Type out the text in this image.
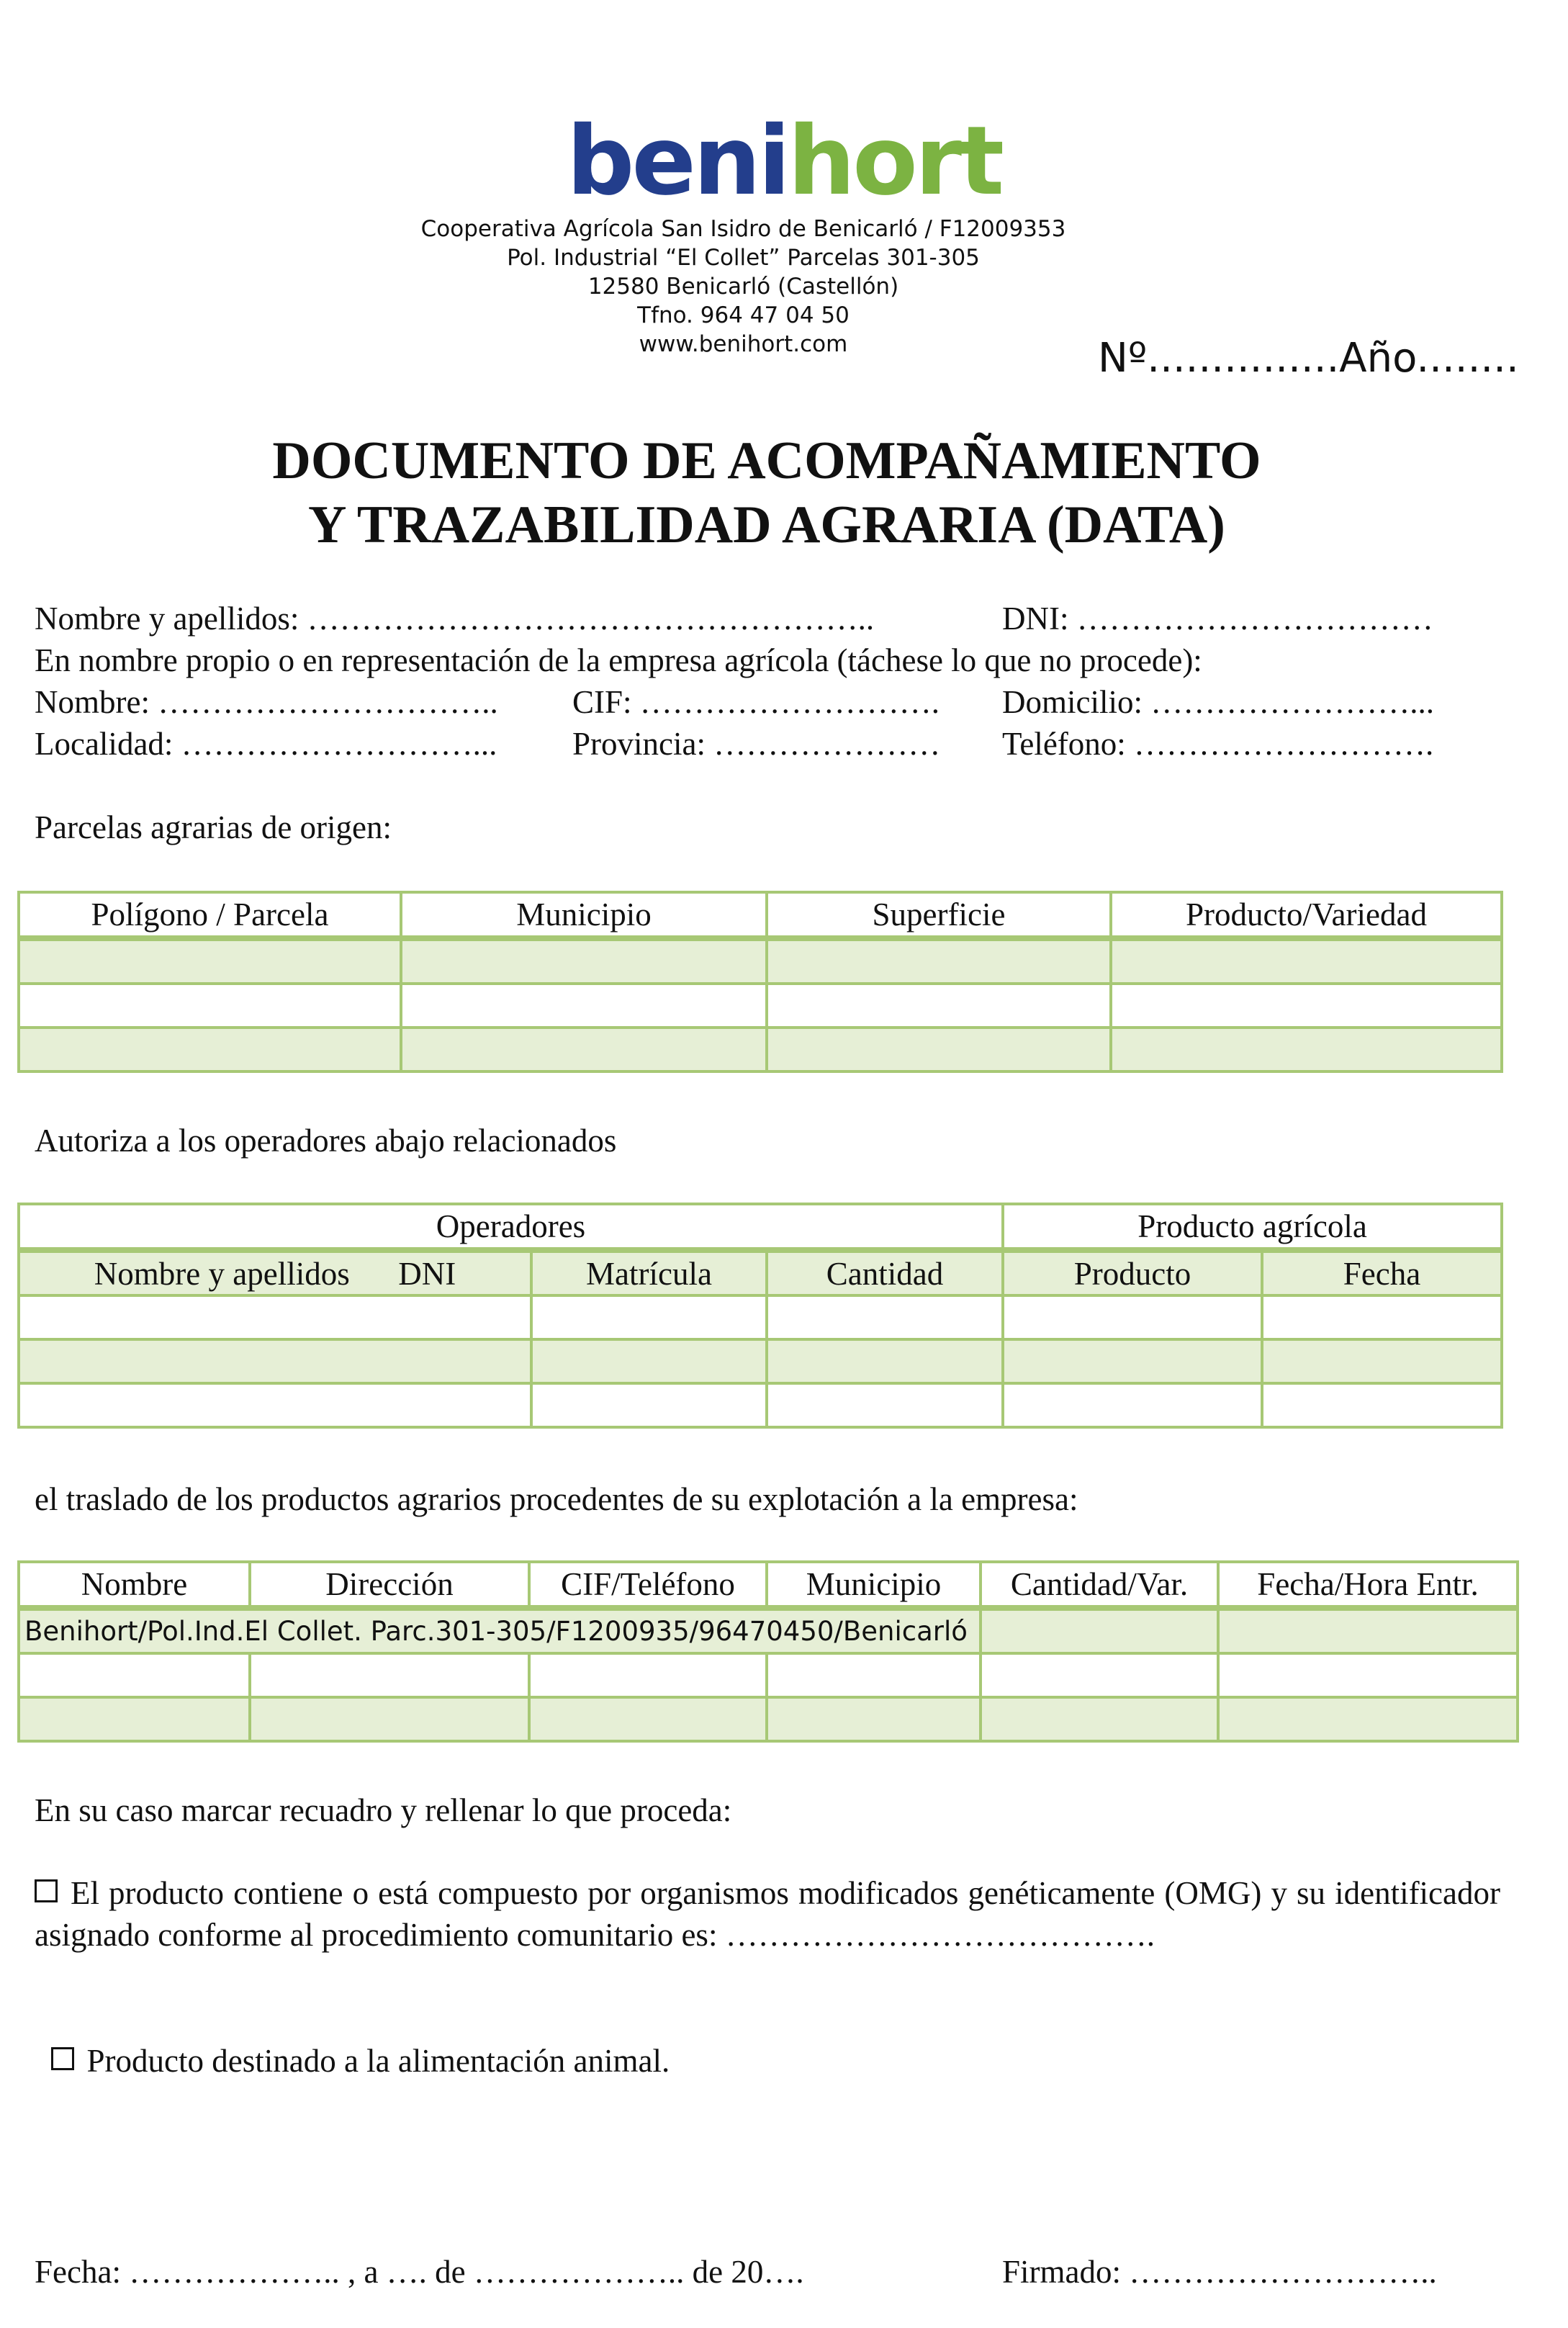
benihort
Cooperativa Agrícola San Isidro de Benicarló / F12009353
Pol. Industrial “El Collet” Parcelas 301-305
12580 Benicarló (Castellón)
Tfno. 964 47 04 50
www.benihort.com	Nº...............Año........
DOCUMENTO DE ACOMPAÑAMIENTO
Y TRAZABILIDAD AGRARIA (DATA)
Nombre y apellidos: ……………………………………………..	DNI: ……………………………
En nombre propio o en representación de la empresa agrícola (táchese lo que no procede):
Nombre: ………………………….. CIF: ………………………. Domicilio: ……………………...
Localidad: ………………………... Provincia: ………………… Teléfono: ……………………….
Parcelas agrarias de origen:
Polígono / Parcela	Municipio	Superficie	Producto/Variedad

Autoriza a los operadores abajo relacionados
Operadores	Producto agrícola
Nombre y apellidos      DNI	Matrícula	Cantidad	Producto	Fecha

el traslado de los productos agrarios procedentes de su explotación a la empresa:
Nombre	Dirección	CIF/Teléfono	Municipio	Cantidad/Var.	Fecha/Hora Entr.
Benihort/Pol.Ind.El Collet. Parc.301-305/F1200935/96470450/Benicarló					

En su caso marcar recuadro y rellenar lo que proceda:
El producto contiene o está compuesto por organismos modificados genéticamente (OMG) y su identificador asignado conforme al procedimiento comunitario es: ………………………………….

Producto destinado a la alimentación animal.

Fecha: ……………….. , a …. de ……………….. de 20….	Firmado: ………………………..
